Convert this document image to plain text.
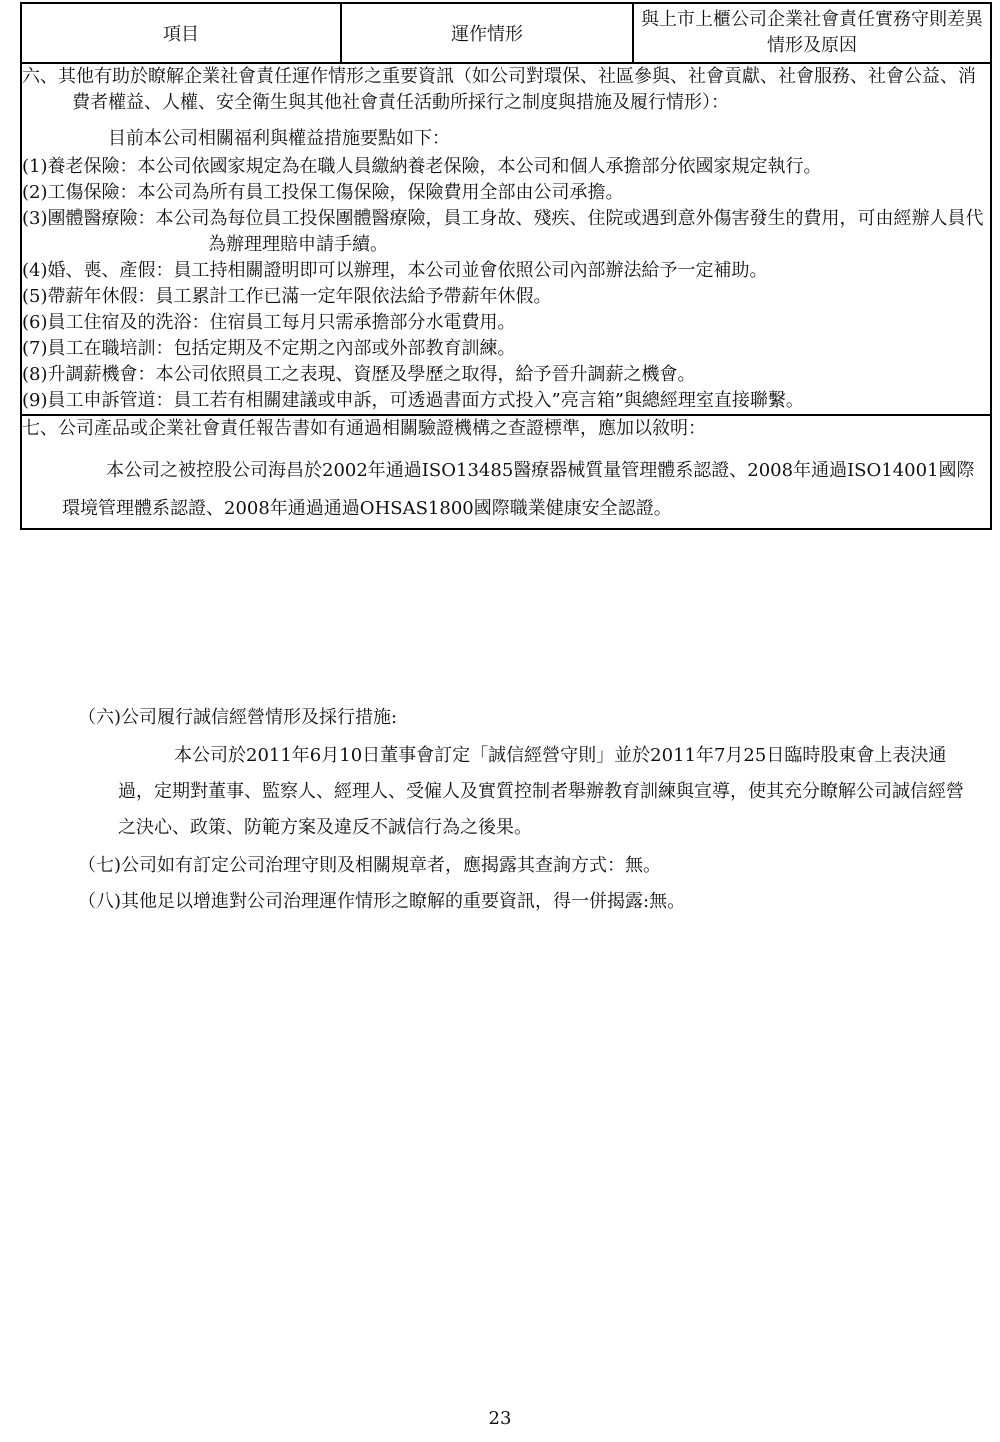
項目	運作情形	與上市上櫃公司企業社會責任實務守則差異情形及原因

六、其他有助於瞭解企業社會責任運作情形之重要資訊（如公司對環保、社區參與、社會貢獻、社會服務、社會公益、消費者權益、人權、安全衛生與其他社會責任活動所採行之制度與措施及履行情形）：
目前本公司相關福利與權益措施要點如下：

(1)養老保險：本公司依國家規定為在職人員繳納養老保險，本公司和個人承擔部分依國家規定執行。

(2)工傷保險：本公司為所有員工投保工傷保險，保險費用全部由公司承擔。

(3)團體醫療險：本公司為每位員工投保團體醫療險，員工身故、殘疾、住院或遇到意外傷害發生的費用，可由經辦人員代為辦理理賠申請手續。

(4)婚、喪、產假：員工持相關證明即可以辦理，本公司並會依照公司內部辦法給予一定補助。

(5)帶薪年休假：員工累計工作已滿一定年限依法給予帶薪年休假。

(6)員工住宿及的洗浴：住宿員工每月只需承擔部分水電費用。

(7)員工在職培訓：包括定期及不定期之內部或外部教育訓練。

(8)升調薪機會：本公司依照員工之表現、資歷及學歷之取得，給予晉升調薪之機會。

(9)員工申訴管道：員工若有相關建議或申訴，可透過書面方式投入”亮言箱”與總經理室直接聯繫。

七、公司產品或企業社會責任報告書如有通過相關驗證機構之查證標準，應加以敘明：
本公司之被控股公司海昌於2002年通過ISO13485醫療器械質量管理體系認證、2008年通過ISO14001國際環境管理體系認證、2008年通過通過OHSAS1800國際職業健康安全認證。
（六)公司履行誠信經營情形及採行措施:
本公司於2011年6月10日董事會訂定「誠信經營守則」並於2011年7月25日臨時股東會上表決通過，定期對董事、監察人、經理人、受僱人及實質控制者舉辦教育訓練與宣導，使其充分瞭解公司誠信經營之決心、政策、防範方案及違反不誠信行為之後果。
（七)公司如有訂定公司治理守則及相關規章者，應揭露其查詢方式：無。
（八)其他足以增進對公司治理運作情形之瞭解的重要資訊，得一併揭露:無。
23
